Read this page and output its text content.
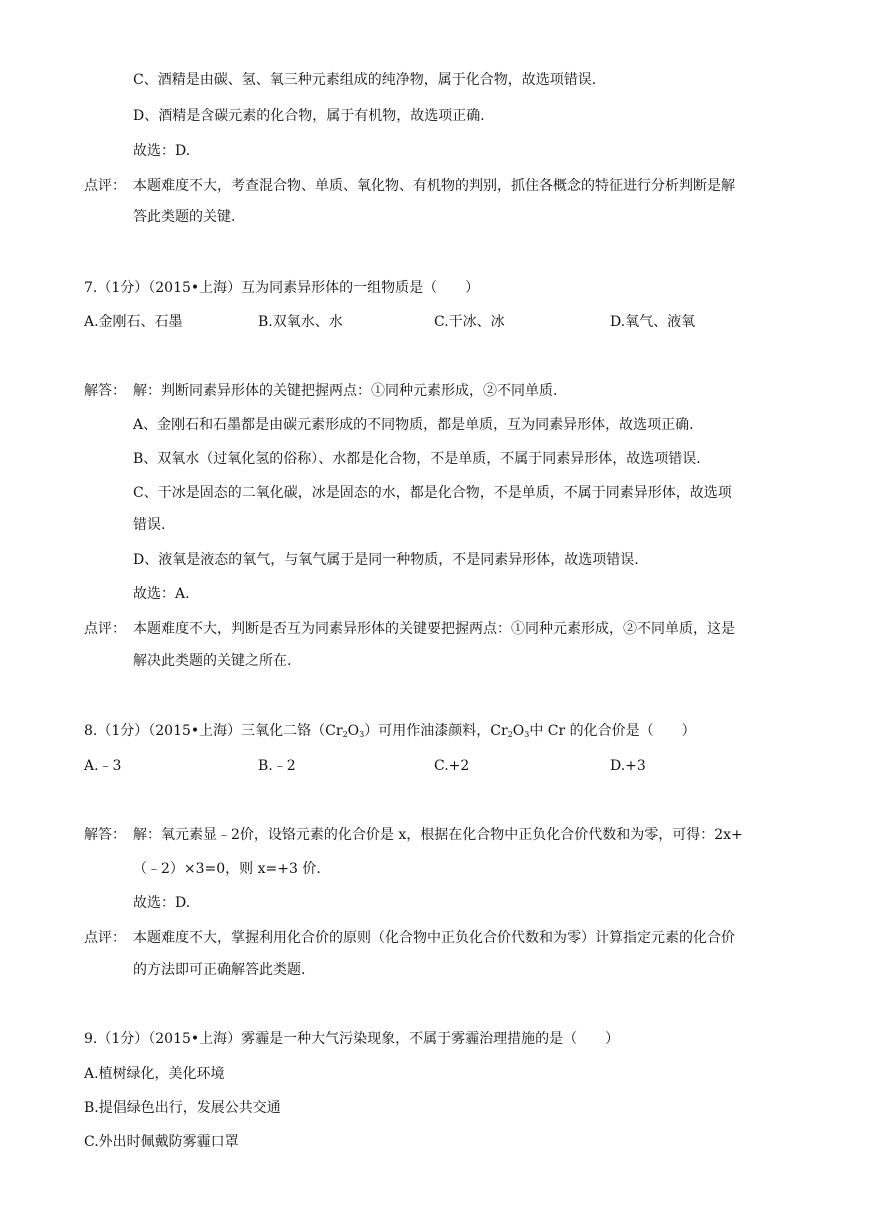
C、酒精是由碳、氢、氧三种元素组成的纯净物，属于化合物，故选项错误.
D、酒精是含碳元素的化合物，属于有机物，故选项正确.
故选：D.
点评： 本题难度不大，考查混合物、单质、氧化物、有机物的判别，抓住各概念的特征进行分析判断是解
答此类题的关键.
7.（1分）（2015•上海）互为同素异形体的一组物质是（　　）
A.金刚石、石墨	B.双氧水、水	C.干冰、冰	D.氧气、液氧
解答： 解：判断同素异形体的关键把握两点：①同种元素形成，②不同单质.
A、金刚石和石墨都是由碳元素形成的不同物质，都是单质，互为同素异形体，故选项正确.
B、双氧水（过氧化氢的俗称）、水都是化合物，不是单质，不属于同素异形体，故选项错误.
C、干冰是固态的二氧化碳，冰是固态的水，都是化合物，不是单质，不属于同素异形体，故选项
错误.
D、液氧是液态的氧气，与氧气属于是同一种物质，不是同素异形体，故选项错误.
故选：A.
点评： 本题难度不大，判断是否互为同素异形体的关键要把握两点：①同种元素形成，②不同单质，这是
解决此类题的关键之所在.
8.（1分）（2015•上海）三氧化二铬$(Cr_2O_3)$可用作油漆颜料，$Cr_2O_3$中 Cr 的化合价是（　　）
A.﹣3	B.﹣2	C.+2	D.+3
解答： 解：氧元素显﹣2价，设铬元素的化合价是 x，根据在化合物中正负化合价代数和为零，可得：2x+
（﹣2）×3=0，则 x=+3 价.
故选：D.
点评： 本题难度不大，掌握利用化合价的原则（化合物中正负化合价代数和为零）计算指定元素的化合价
的方法即可正确解答此类题.
9.（1分）（2015•上海）雾霾是一种大气污染现象，不属于雾霾治理措施的是（　　）
A.植树绿化，美化环境
B.提倡绿色出行，发展公共交通
C.外出时佩戴防雾霾口罩
